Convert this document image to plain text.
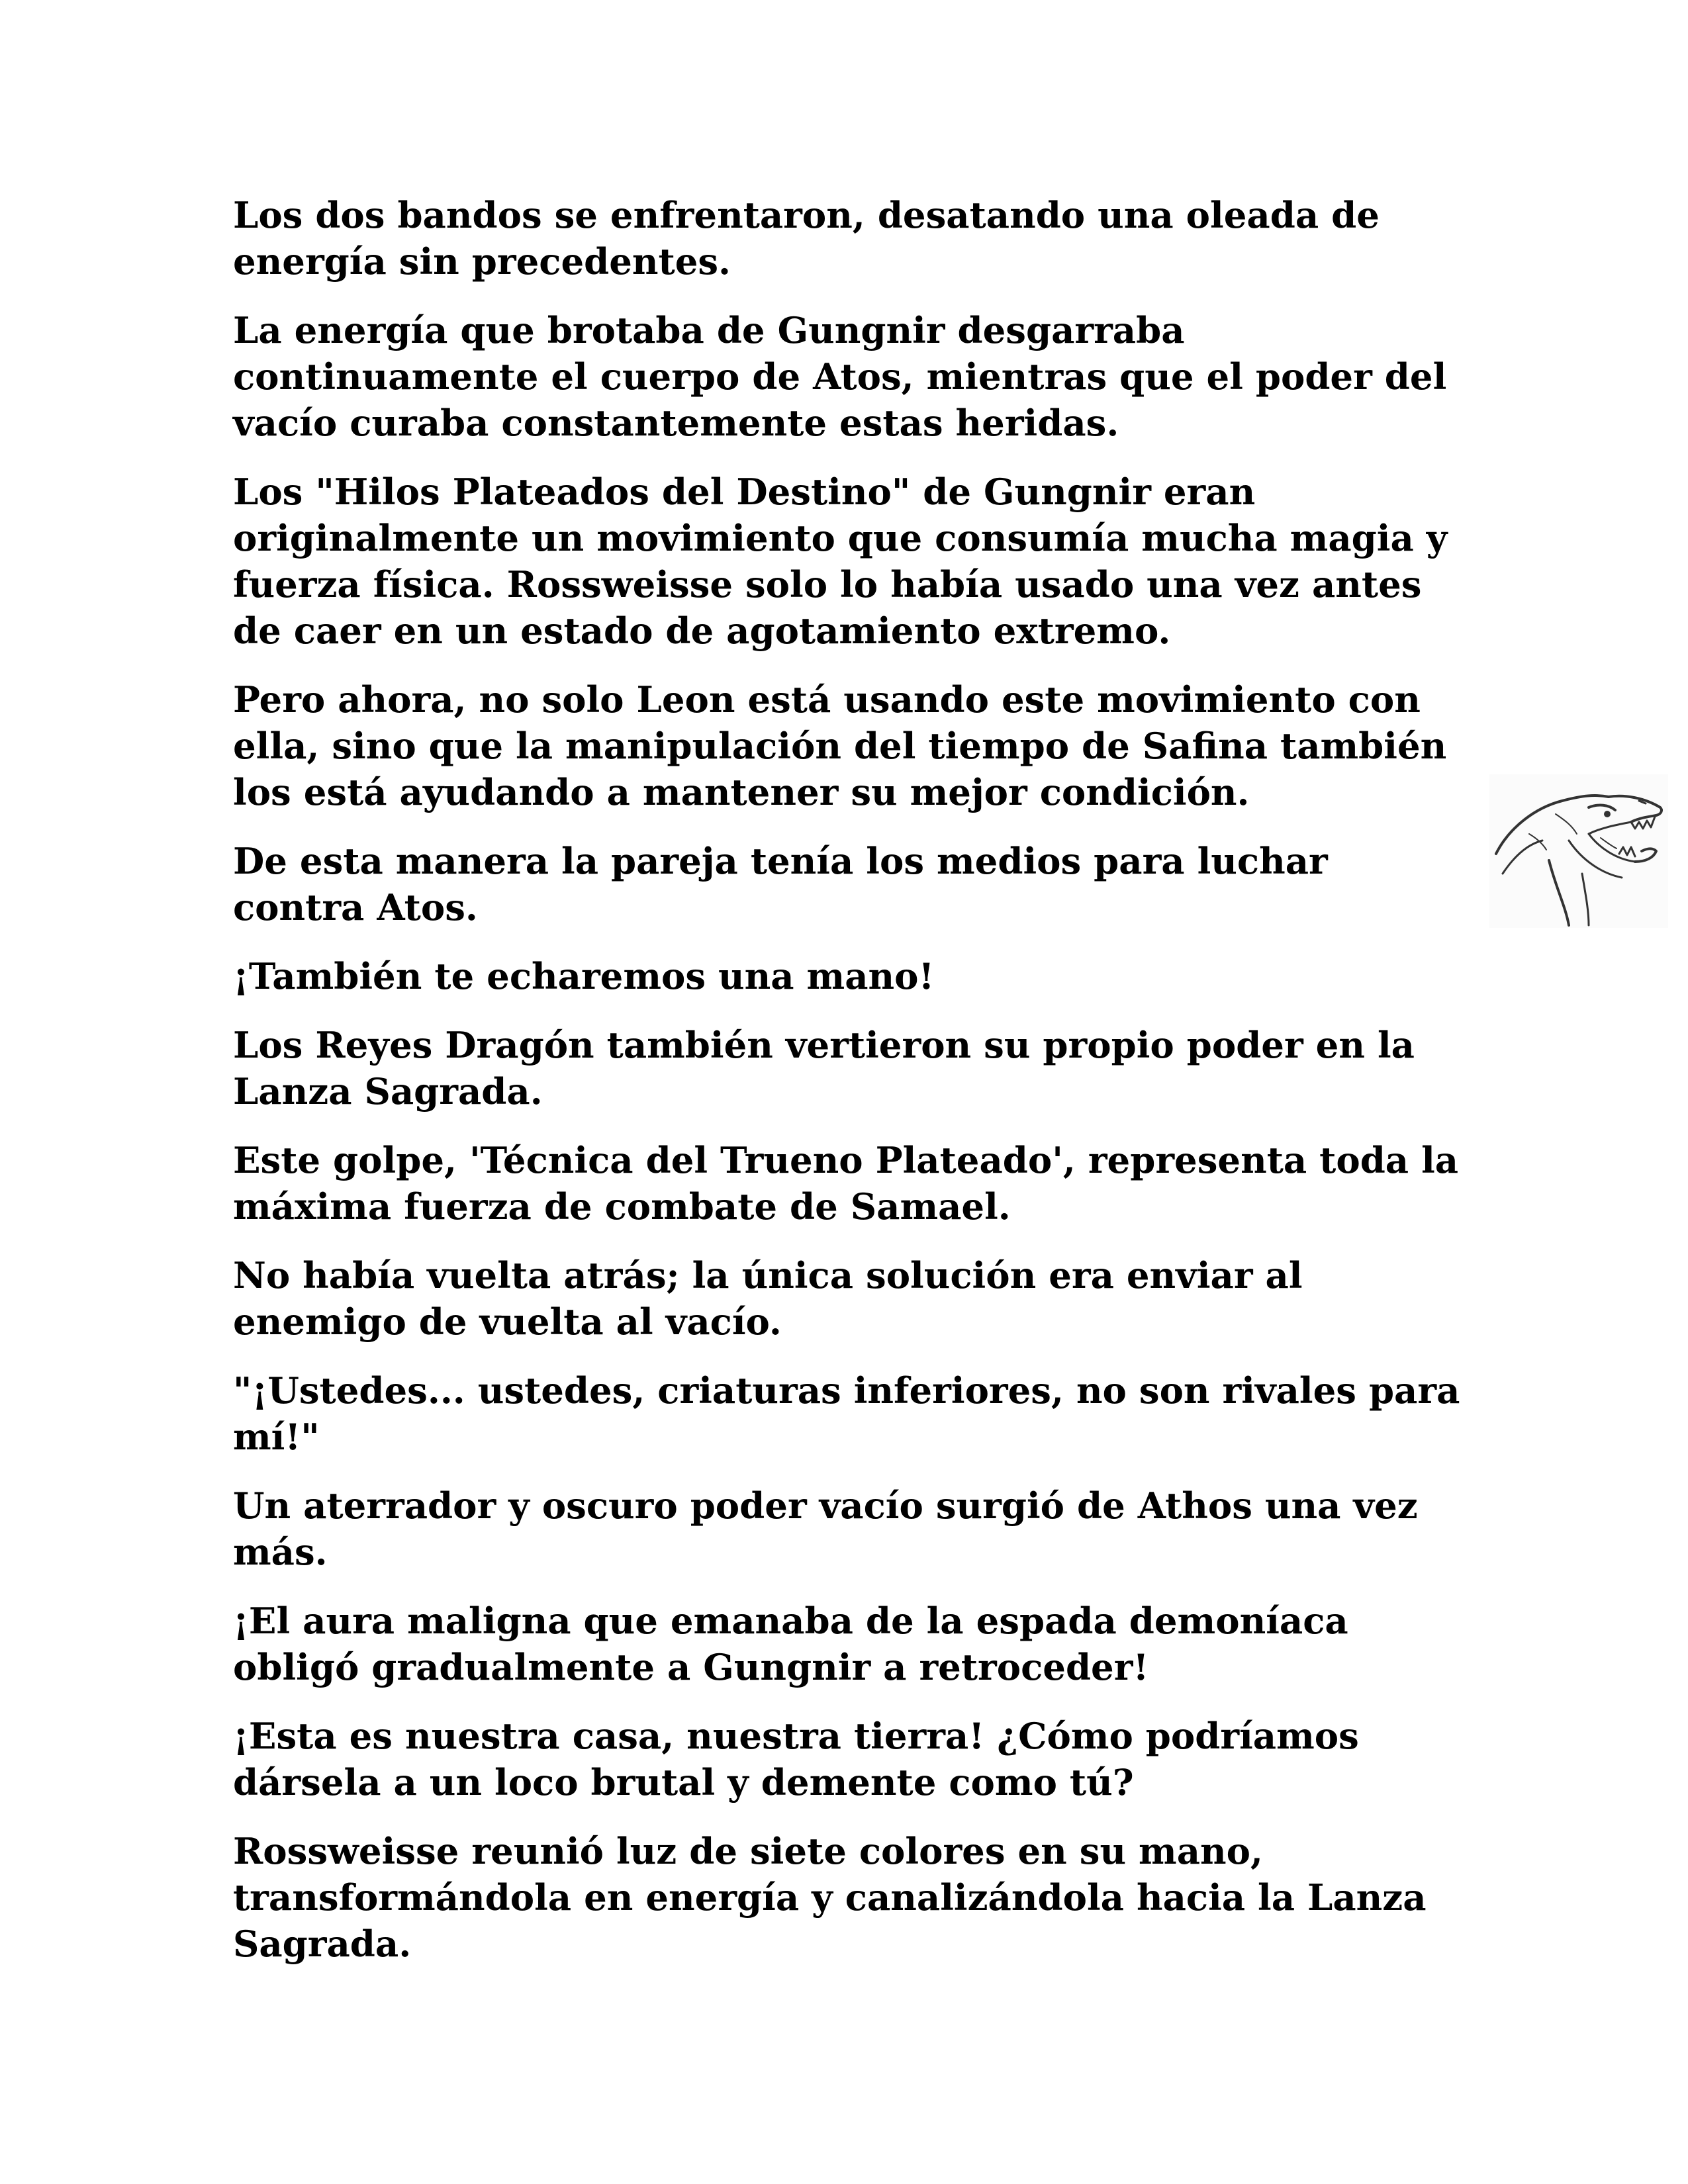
Los dos bandos se enfrentaron, desatando una oleada de energía sin precedentes.

La energía que brotaba de Gungnir desgarraba continuamente el cuerpo de Atos, mientras que el poder del vacío curaba constantemente estas heridas.

Los "Hilos Plateados del Destino" de Gungnir eran originalmente un movimiento que consumía mucha magia y fuerza física. Rossweisse solo lo había usado una vez antes de caer en un estado de agotamiento extremo.

Pero ahora, no solo Leon está usando este movimiento con ella, sino que la manipulación del tiempo de Safina también los está ayudando a mantener su mejor condición.

De esta manera la pareja tenía los medios para luchar contra Atos.

¡También te echaremos una mano!

Los Reyes Dragón también vertieron su propio poder en la Lanza Sagrada.

Este golpe, 'Técnica del Trueno Plateado', representa toda la máxima fuerza de combate de Samael.

No había vuelta atrás; la única solución era enviar al enemigo de vuelta al vacío.

"¡Ustedes... ustedes, criaturas inferiores, no son rivales para mí!"

Un aterrador y oscuro poder vacío surgió de Athos una vez más.

¡El aura maligna que emanaba de la espada demoníaca obligó gradualmente a Gungnir a retroceder!

¡Esta es nuestra casa, nuestra tierra! ¿Cómo podríamos dársela a un loco brutal y demente como tú?

Rossweisse reunió luz de siete colores en su mano, transformándola en energía y canalizándola hacia la Lanza Sagrada.
